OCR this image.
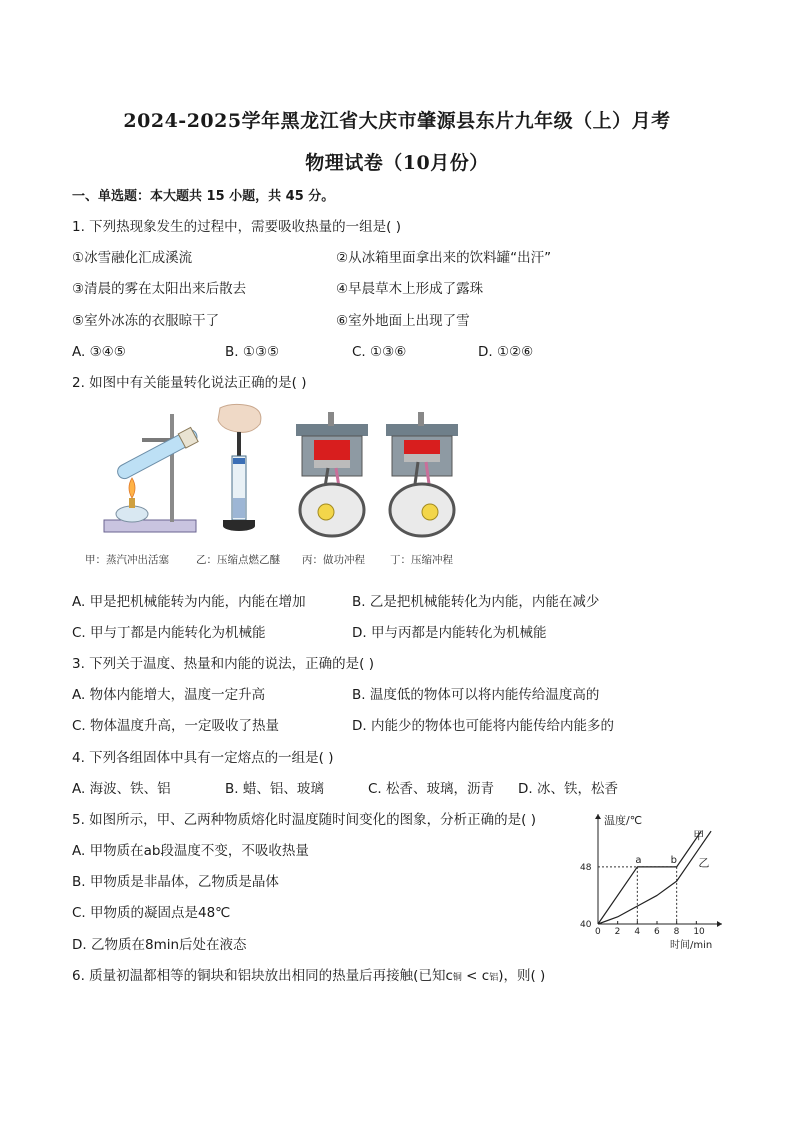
2024-2025学年黑龙江省大庆市肇源县东片九年级（上）月考
物理试卷（10月份）
一、单选题：本大题共 15 小题，共 45 分。
1. 下列热现象发生的过程中，需要吸收热量的一组是( )
①冰雪融化汇成溪流	②从冰箱里面拿出来的饮料罐“出汗”
③清晨的雾在太阳出来后散去	④早晨草木上形成了露珠
⑤室外冰冻的衣服晾干了	⑥室外地面上出现了雪
A. ③④⑤	B. ①③⑤	C. ①③⑥	D. ①②⑥
2. 如图中有关能量转化说法正确的是( )
甲：蒸汽冲出活塞	乙：压缩点燃乙醚 丙：做功冲程 丁：压缩冲程
A. 甲是把机械能转为内能，内能在增加	B. 乙是把机械能转化为内能，内能在减少
C. 甲与丁都是内能转化为机械能	D. 甲与丙都是内能转化为机械能
3. 下列关于温度、热量和内能的说法，正确的是( )
A. 物体内能增大，温度一定升高	B. 温度低的物体可以将内能传给温度高的
C. 物体温度升高，一定吸收了热量	D. 内能少的物体也可能将内能传给内能多的
4. 下列各组固体中具有一定熔点的一组是( )
A. 海波、铁、铝	B. 蜡、铝、玻璃	C. 松香、玻璃，沥青 D. 冰、铁，松香
5. 如图所示，甲、乙两种物质熔化时温度随时间变化的图象，分析正确的是( )
A. 甲物质在ab段温度不变，不吸收热量
B. 甲物质是非晶体，乙物质是晶体
C. 甲物质的凝固点是48℃
D. 乙物质在8min后处在液态
温度/℃
时间/min
0 2 4 6 8 10
40
48
甲
乙
a	b
6. 质量初温都相等的铜块和铝块放出相同的热量后再接触(已知c铜 < c铝)，则( )
